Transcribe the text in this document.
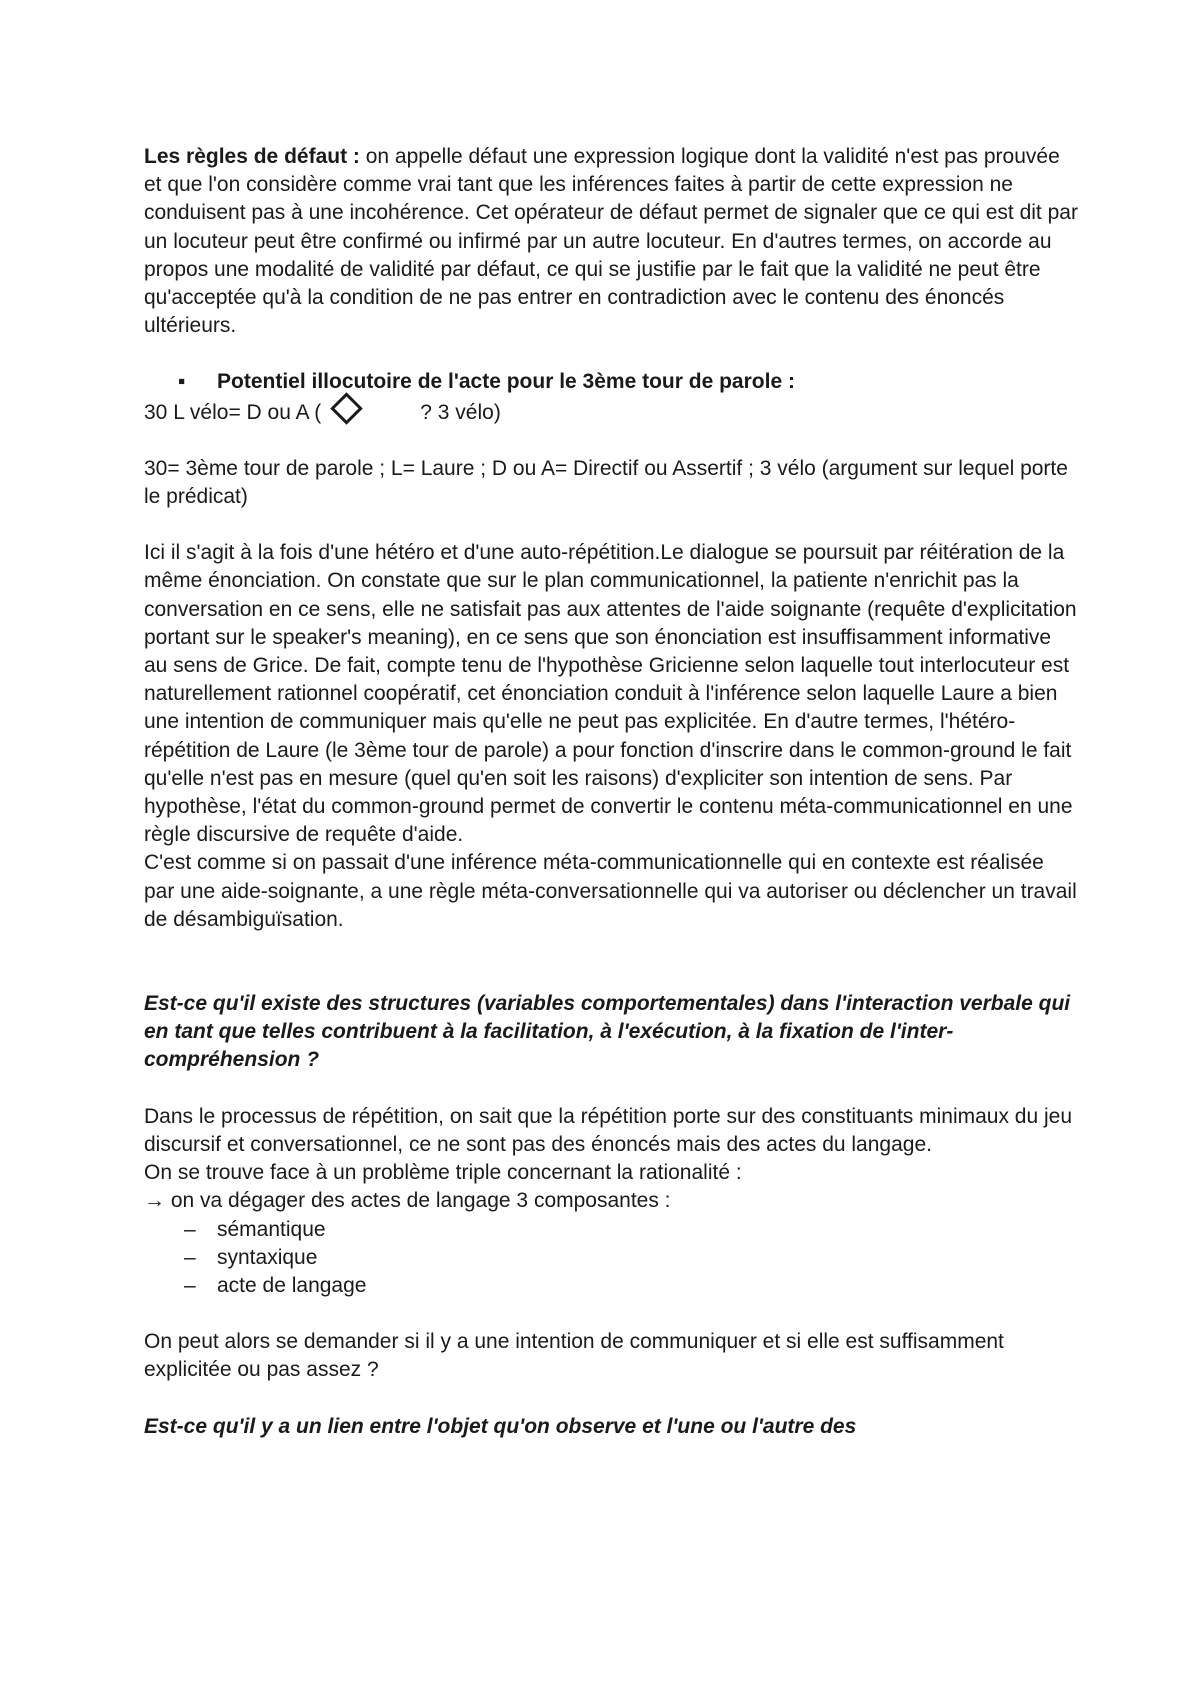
Les règles de défaut : on appelle défaut une expression logique dont la validité n'est pas prouvée et que l'on considère comme vrai tant que les inférences faites à partir de cette expression ne conduisent pas à une incohérence. Cet opérateur de défaut permet de signaler que ce qui est dit par un locuteur peut être confirmé ou infirmé par un autre locuteur. En d'autres termes, on accorde au propos une modalité de validité par défaut, ce qui se justifie par le fait que la validité ne peut être qu'acceptée qu'à la condition de ne pas entrer en contradiction avec le contenu des énoncés ultérieurs.

▪ Potentiel illocutoire de l'acte pour le 3ème tour de parole :

30 L vélo= D ou A (	? 3 vélo)

30= 3ème tour de parole ; L= Laure ; D ou A= Directif ou Assertif ; 3 vélo (argument sur lequel porte le prédicat)

Ici il s'agit à la fois d'une hétéro et d'une auto-répétition.Le dialogue se poursuit par réitération de la même énonciation. On constate que sur le plan communicationnel, la patiente n'enrichit pas la conversation en ce sens, elle ne satisfait pas aux attentes de l'aide soignante (requête d'explicitation portant sur le speaker's meaning), en ce sens que son énonciation est insuffisamment informative au sens de Grice. De fait, compte tenu de l'hypothèse Gricienne selon laquelle tout interlocuteur est naturellement rationnel coopératif, cet énonciation conduit à l'inférence selon laquelle Laure a bien une intention de communiquer mais qu'elle ne peut pas explicitée. En d'autre termes, l'hétéro-répétition de Laure (le 3ème tour de parole) a pour fonction d'inscrire dans le common-ground le fait qu'elle n'est pas en mesure (quel qu'en soit les raisons) d'expliciter son intention de sens. Par hypothèse, l'état du common-ground permet de convertir le contenu méta-communicationnel en une règle discursive de requête d'aide.

C'est comme si on passait d'une inférence méta-communicationnelle qui en contexte est réalisée par une aide-soignante, a une règle méta-conversationnelle qui va autoriser ou déclencher un travail de désambiguïsation.

Est-ce qu'il existe des structures (variables comportementales) dans l'interaction verbale qui en tant que telles contribuent à la facilitation, à l'exécution, à la fixation de l'inter-compréhension ?

Dans le processus de répétition, on sait que la répétition porte sur des constituants minimaux du jeu discursif et conversationnel, ce ne sont pas des énoncés mais des actes du langage.

On se trouve face à un problème triple concernant la rationalité :

→ on va dégager des actes de langage 3 composantes :

– sémantique
– syntaxique
– acte de langage

On peut alors se demander si il y a une intention de communiquer et si elle est suffisamment explicitée ou pas assez ?

Est-ce qu'il y a un lien entre l'objet qu'on observe et l'une ou l'autre des
